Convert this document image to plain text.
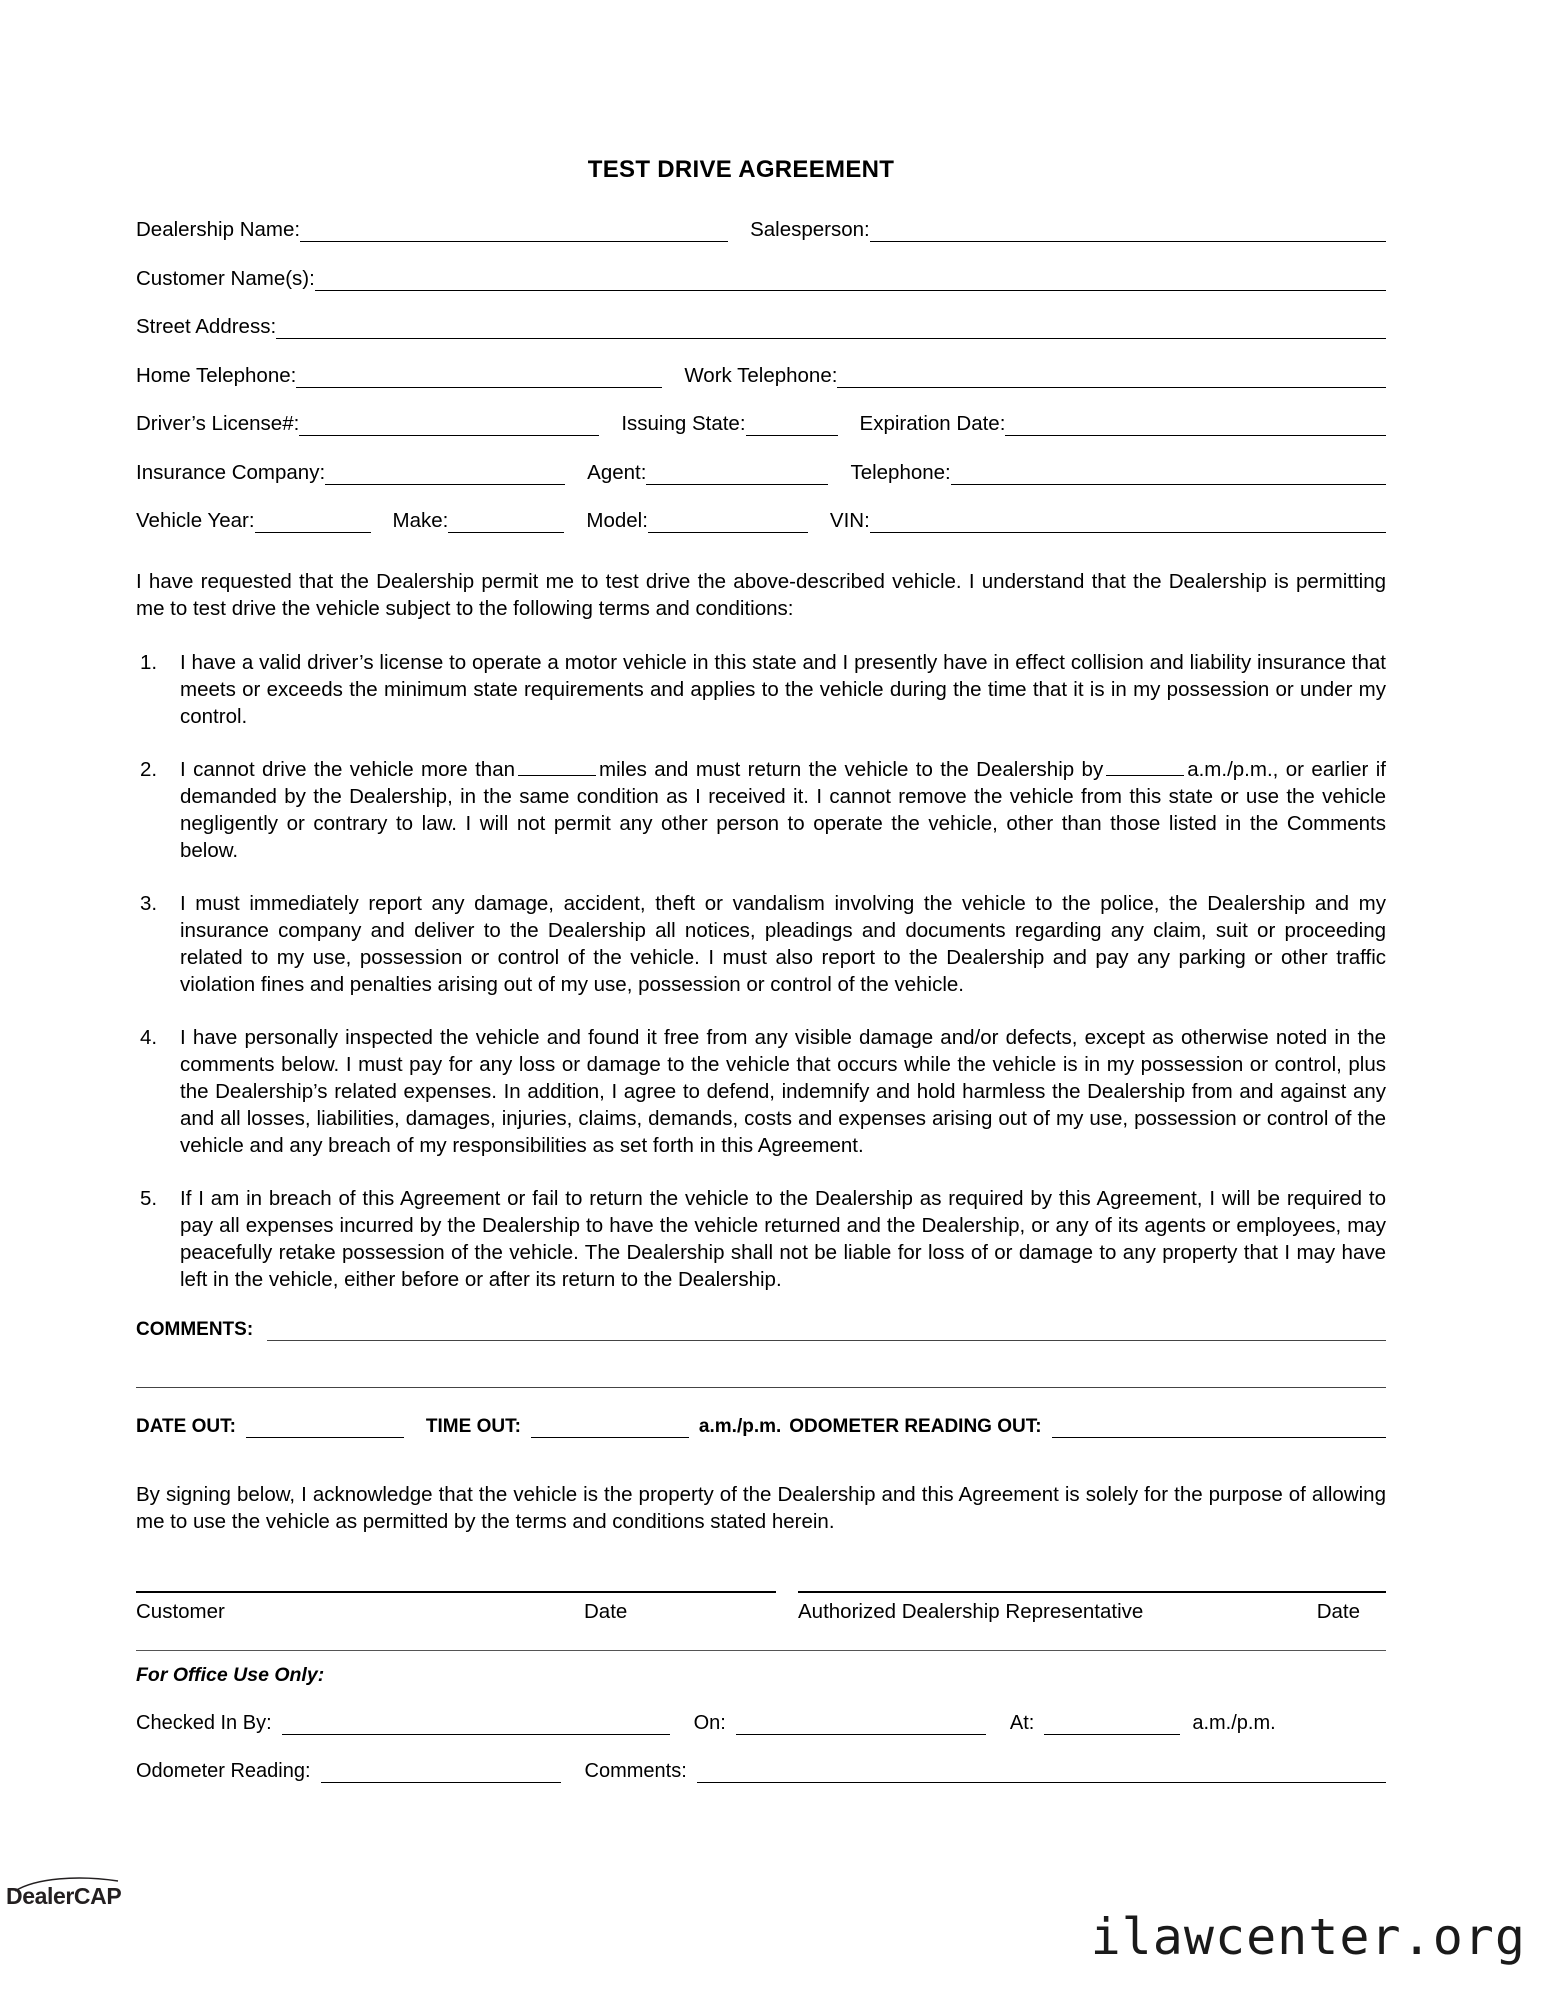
TEST DRIVE AGREEMENT
Dealership Name:	Salesperson:
Customer Name(s):
Street Address:
Home Telephone:	Work Telephone:
Driver’s License#:	Issuing State:	Expiration Date:
Insurance Company:	Agent:	Telephone:
Vehicle Year:	Make:	Model:	VIN:

I have requested that the Dealership permit me to test drive the above-described vehicle. I understand that the Dealership is permitting me to test drive the vehicle subject to the following terms and conditions:

1.	I have a valid driver’s license to operate a motor vehicle in this state and I presently have in effect collision and liability insurance that meets or exceeds the minimum state requirements and applies to the vehicle during the time that it is in my possession or under my control.
2.	I cannot drive the vehicle more than	miles and must return the vehicle to the Dealership by	a.m./p.m., or earlier if demanded by the Dealership, in the same condition as I received it. I cannot remove the vehicle from this state or use the vehicle negligently or contrary to law. I will not permit any other person to operate the vehicle, other than those listed in the Comments below.
3.	I must immediately report any damage, accident, theft or vandalism involving the vehicle to the police, the Dealership and my insurance company and deliver to the Dealership all notices, pleadings and documents regarding any claim, suit or proceeding related to my use, possession or control of the vehicle. I must also report to the Dealership and pay any parking or other traffic violation fines and penalties arising out of my use, possession or control of the vehicle.
4.	I have personally inspected the vehicle and found it free from any visible damage and/or defects, except as otherwise noted in the comments below. I must pay for any loss or damage to the vehicle that occurs while the vehicle is in my possession or control, plus the Dealership’s related expenses. In addition, I agree to defend, indemnify and hold harmless the Dealership from and against any and all losses, liabilities, damages, injuries, claims, demands, costs and expenses arising out of my use, possession or control of the vehicle and any breach of my responsibilities as set forth in this Agreement.
5.	If I am in breach of this Agreement or fail to return the vehicle to the Dealership as required by this Agreement, I will be required to pay all expenses incurred by the Dealership to have the vehicle returned and the Dealership, or any of its agents or employees, may peacefully retake possession of the vehicle. The Dealership shall not be liable for loss of or damage to any property that I may have left in the vehicle, either before or after its return to the Dealership.
COMMENTS:
DATE OUT:	TIME OUT:	a.m./p.m. ODOMETER READING OUT:

By signing below, I acknowledge that the vehicle is the property of the Dealership and this Agreement is solely for the purpose of allowing me to use the vehicle as permitted by the terms and conditions stated herein.

Customer	Date	Authorized Dealership Representative	Date
For Office Use Only:
Checked In By:	On:	At:	a.m./p.m.
Odometer Reading:	Comments:
DealerCAP
ilawcenter.org
